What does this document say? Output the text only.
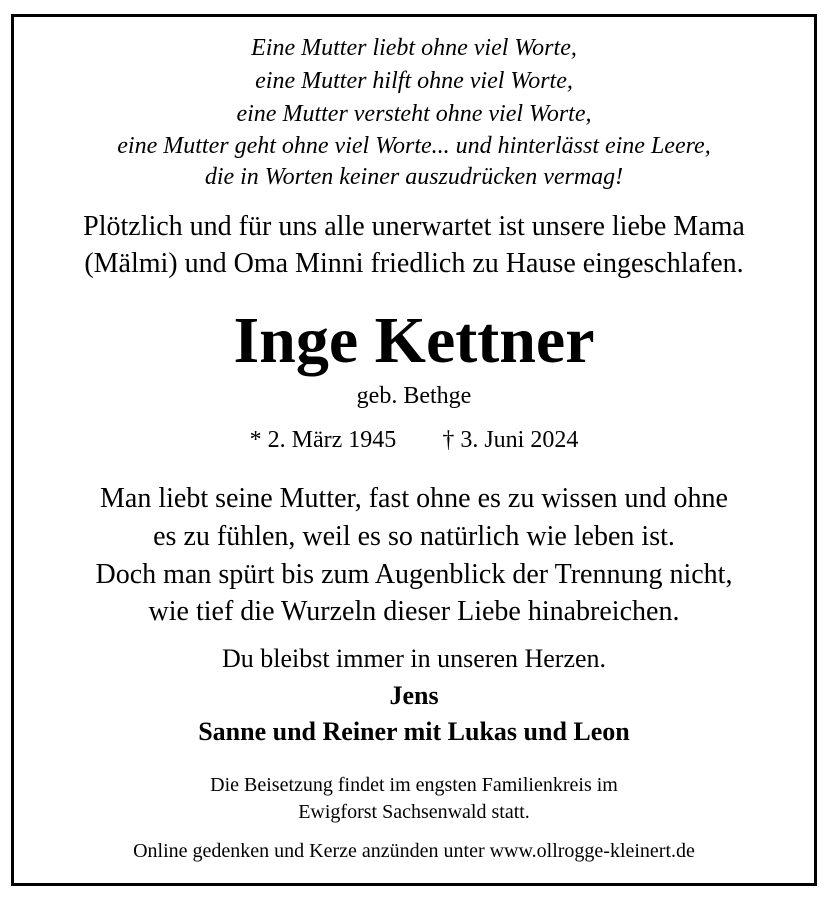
Eine Mutter liebt ohne viel Worte,
eine Mutter hilft ohne viel Worte,
eine Mutter versteht ohne viel Worte,
eine Mutter geht ohne viel Worte... und hinterlässt eine Leere,
die in Worten keiner auszudrücken vermag!
Plötzlich und für uns alle unerwartet ist unsere liebe Mama
(Mälmi) und Oma Minni friedlich zu Hause eingeschlafen.
Inge Kettner
geb. Bethge
* 2. März 1945 † 3. Juni 2024
Man liebt seine Mutter, fast ohne es zu wissen und ohne
es zu fühlen, weil es so natürlich wie leben ist.
Doch man spürt bis zum Augenblick der Trennung nicht,
wie tief die Wurzeln dieser Liebe hinabreichen.
Du bleibst immer in unseren Herzen.
Jens
Sanne und Reiner mit Lukas und Leon
Die Beisetzung findet im engsten Familienkreis im
Ewigforst Sachsenwald statt.
Online gedenken und Kerze anzünden unter www.ollrogge-kleinert.de
